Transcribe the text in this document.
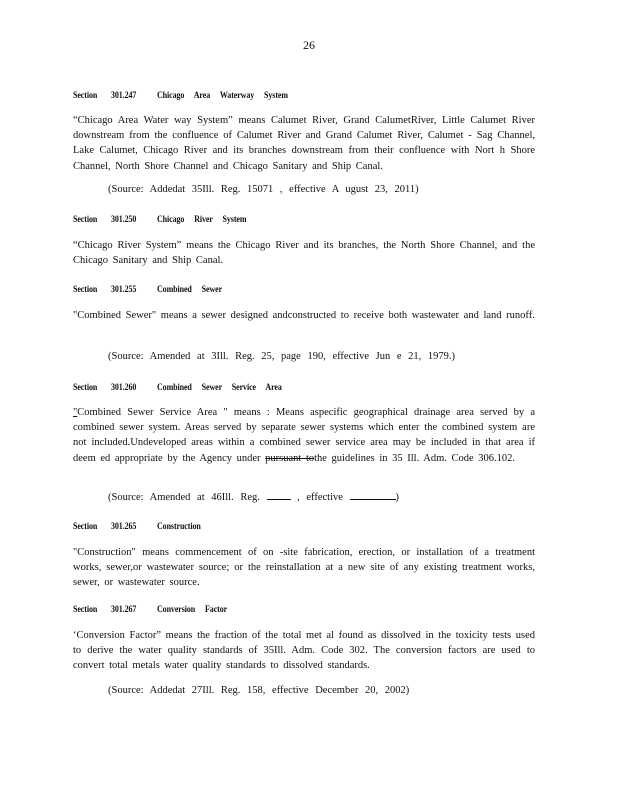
26
Section 301.247	Chicago Area Waterway System
“Chicago Area Water way System” means Calumet River, Grand CalumetRiver, Little Calumet River downstream from the confluence of Calumet River and Grand Calumet River, Calumet - Sag Channel, Lake Calumet, Chicago River and its branches downstream from their confluence with Nort h Shore Channel, North Shore Channel and Chicago Sanitary and Ship Canal.
(Source: Addedat 35Ill. Reg. 15071 , effective A ugust 23, 2011)
Section 301.250	Chicago River System
“Chicago River System” means the Chicago River and its branches, the North Shore Channel, and the Chicago Sanitary and Ship Canal.
Section 301.255	Combined Sewer
"Combined Sewer" means a sewer designed andconstructed to receive both wastewater and land runoff.
(Source: Amended at 3Ill. Reg. 25, page 190, effective Jun e 21, 1979.)
Section 301.260	Combined Sewer Service Area
"Combined Sewer Service Area " means : Means aspecific geographical drainage area served by a combined sewer system. Areas served by separate sewer systems which enter the combined system are not included.Undeveloped areas within a combined sewer service area may be included in that area if deem ed appropriate by the Agency under pursuant tothe guidelines in 35 Ill. Adm. Code 306.102.
(Source: Amended at 46Ill. Reg.  , effective	)
Section 301.265	Construction
"Construction" means commencement of on -site fabrication, erection, or installation of a treatment works, sewer,or wastewater source; or the reinstallation at a new site of any existing treatment works, sewer, or wastewater source.
Section 301.267	Conversion Factor
‘Conversion Factor” means the fraction of the total met al found as dissolved in the toxicity tests used to derive the water quality standards of 35Ill. Adm. Code 302. The conversion factors are used to convert total metals water quality standards to dissolved standards.
(Source: Addedat 27Ill. Reg. 158, effective December 20, 2002)
